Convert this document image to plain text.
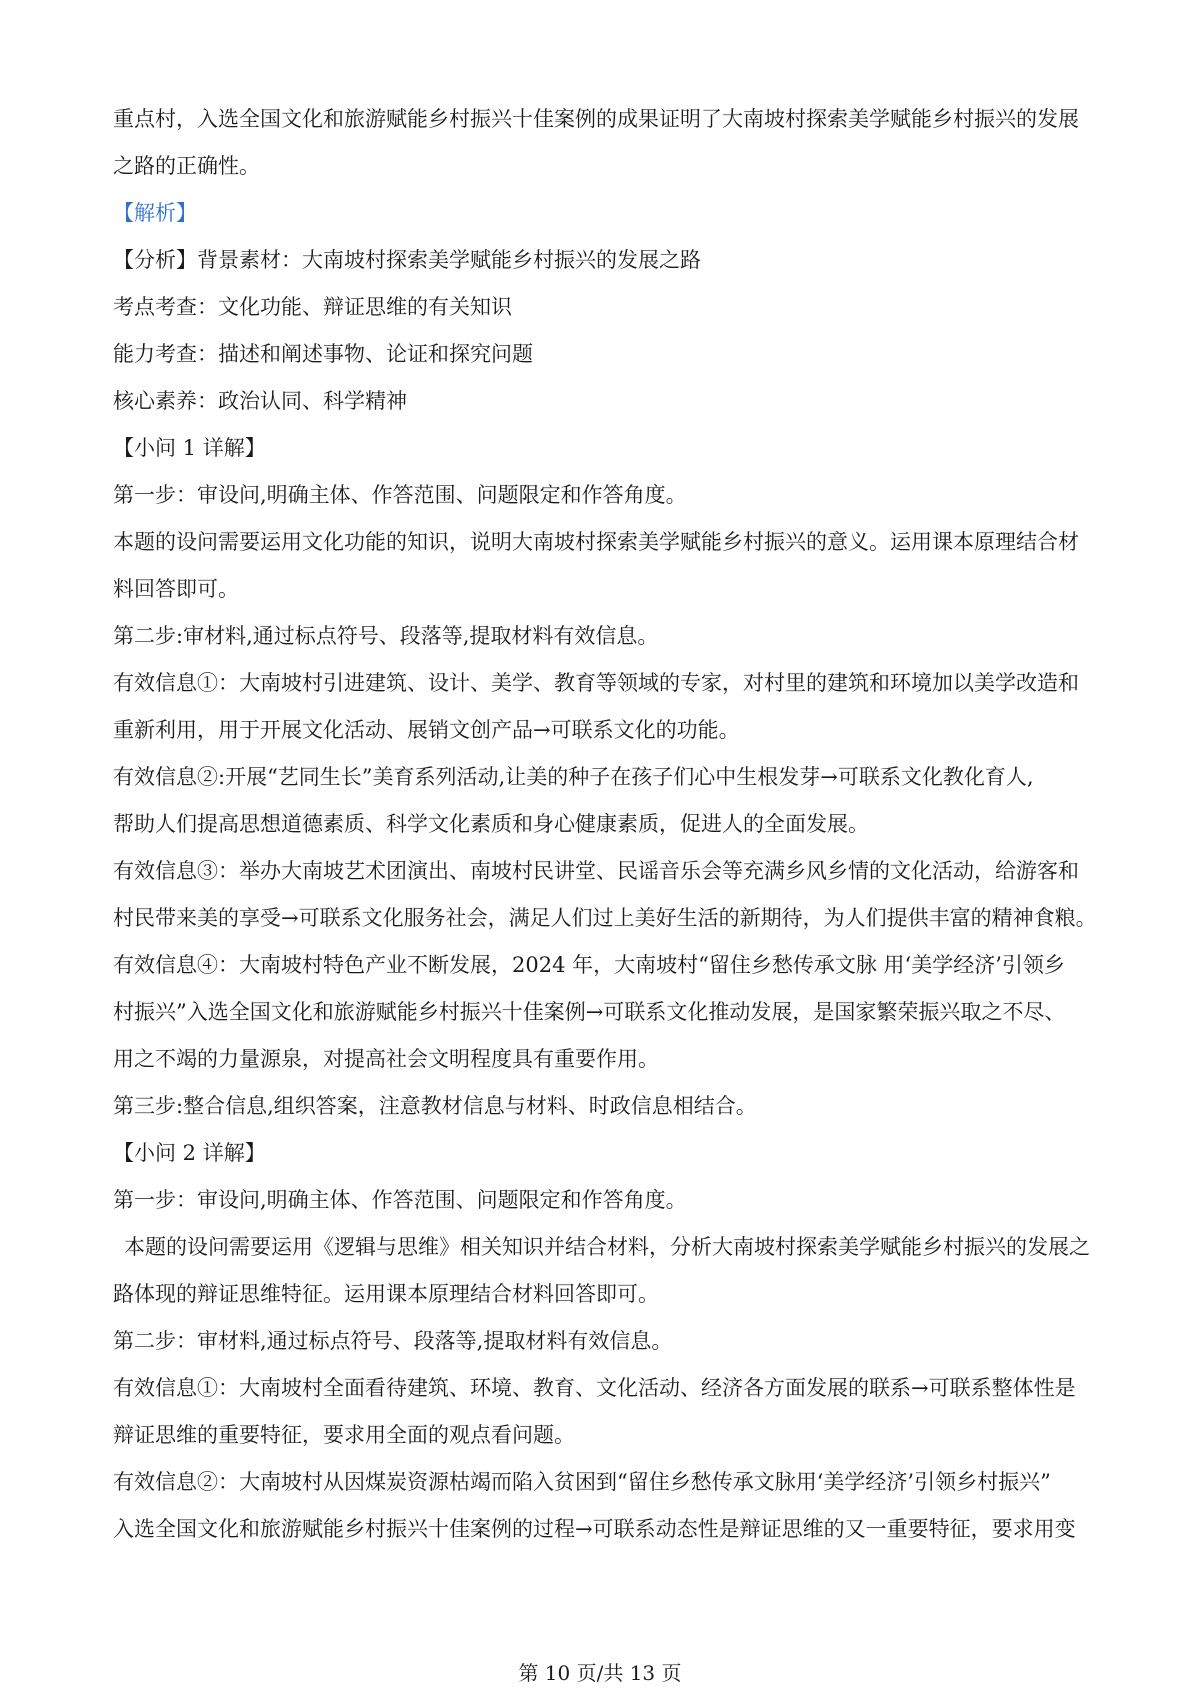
重点村，入选全国文化和旅游赋能乡村振兴十佳案例的成果证明了大南坡村探索美学赋能乡村振兴的发展
之路的正确性。
【解析】
【分析】背景素材：大南坡村探索美学赋能乡村振兴的发展之路
考点考查：文化功能、辩证思维的有关知识
能力考查：描述和阐述事物、论证和探究问题
核心素养：政治认同、科学精神
【小问 1 详解】
第一步：审设问,明确主体、作答范围、问题限定和作答角度。
本题的设问需要运用文化功能的知识，说明大南坡村探索美学赋能乡村振兴的意义。运用课本原理结合材
料回答即可。
第二步:审材料,通过标点符号、段落等,提取材料有效信息。
有效信息①：大南坡村引进建筑、设计、美学、教育等领域的专家，对村里的建筑和环境加以美学改造和
重新利用，用于开展文化活动、展销文创产品→可联系文化的功能。
有效信息②:开展“艺同生长”美育系列活动,让美的种子在孩子们心中生根发芽→可联系文化教化育人,
帮助人们提高思想道德素质、科学文化素质和身心健康素质，促进人的全面发展。
有效信息③：举办大南坡艺术团演出、南坡村民讲堂、民谣音乐会等充满乡风乡情的文化活动，给游客和
村民带来美的享受→可联系文化服务社会，满足人们过上美好生活的新期待，为人们提供丰富的精神食粮。
有效信息④：大南坡村特色产业不断发展，2024 年，大南坡村“留住乡愁传承文脉 用‘美学经济’引领乡
村振兴”入选全国文化和旅游赋能乡村振兴十佳案例→可联系文化推动发展，是国家繁荣振兴取之不尽、
用之不竭的力量源泉，对提高社会文明程度具有重要作用。
第三步:整合信息,组织答案，注意教材信息与材料、时政信息相结合。
【小问 2 详解】
第一步：审设问,明确主体、作答范围、问题限定和作答角度。
本题的设问需要运用《逻辑与思维》相关知识并结合材料，分析大南坡村探索美学赋能乡村振兴的发展之
路体现的辩证思维特征。运用课本原理结合材料回答即可。
第二步：审材料,通过标点符号、段落等,提取材料有效信息。
有效信息①：大南坡村全面看待建筑、环境、教育、文化活动、经济各方面发展的联系→可联系整体性是
辩证思维的重要特征，要求用全面的观点看问题。
有效信息②：大南坡村从因煤炭资源枯竭而陷入贫困到“留住乡愁传承文脉用‘美学经济’引领乡村振兴”
入选全国文化和旅游赋能乡村振兴十佳案例的过程→可联系动态性是辩证思维的又一重要特征，要求用变
第 10 页/共 13 页
